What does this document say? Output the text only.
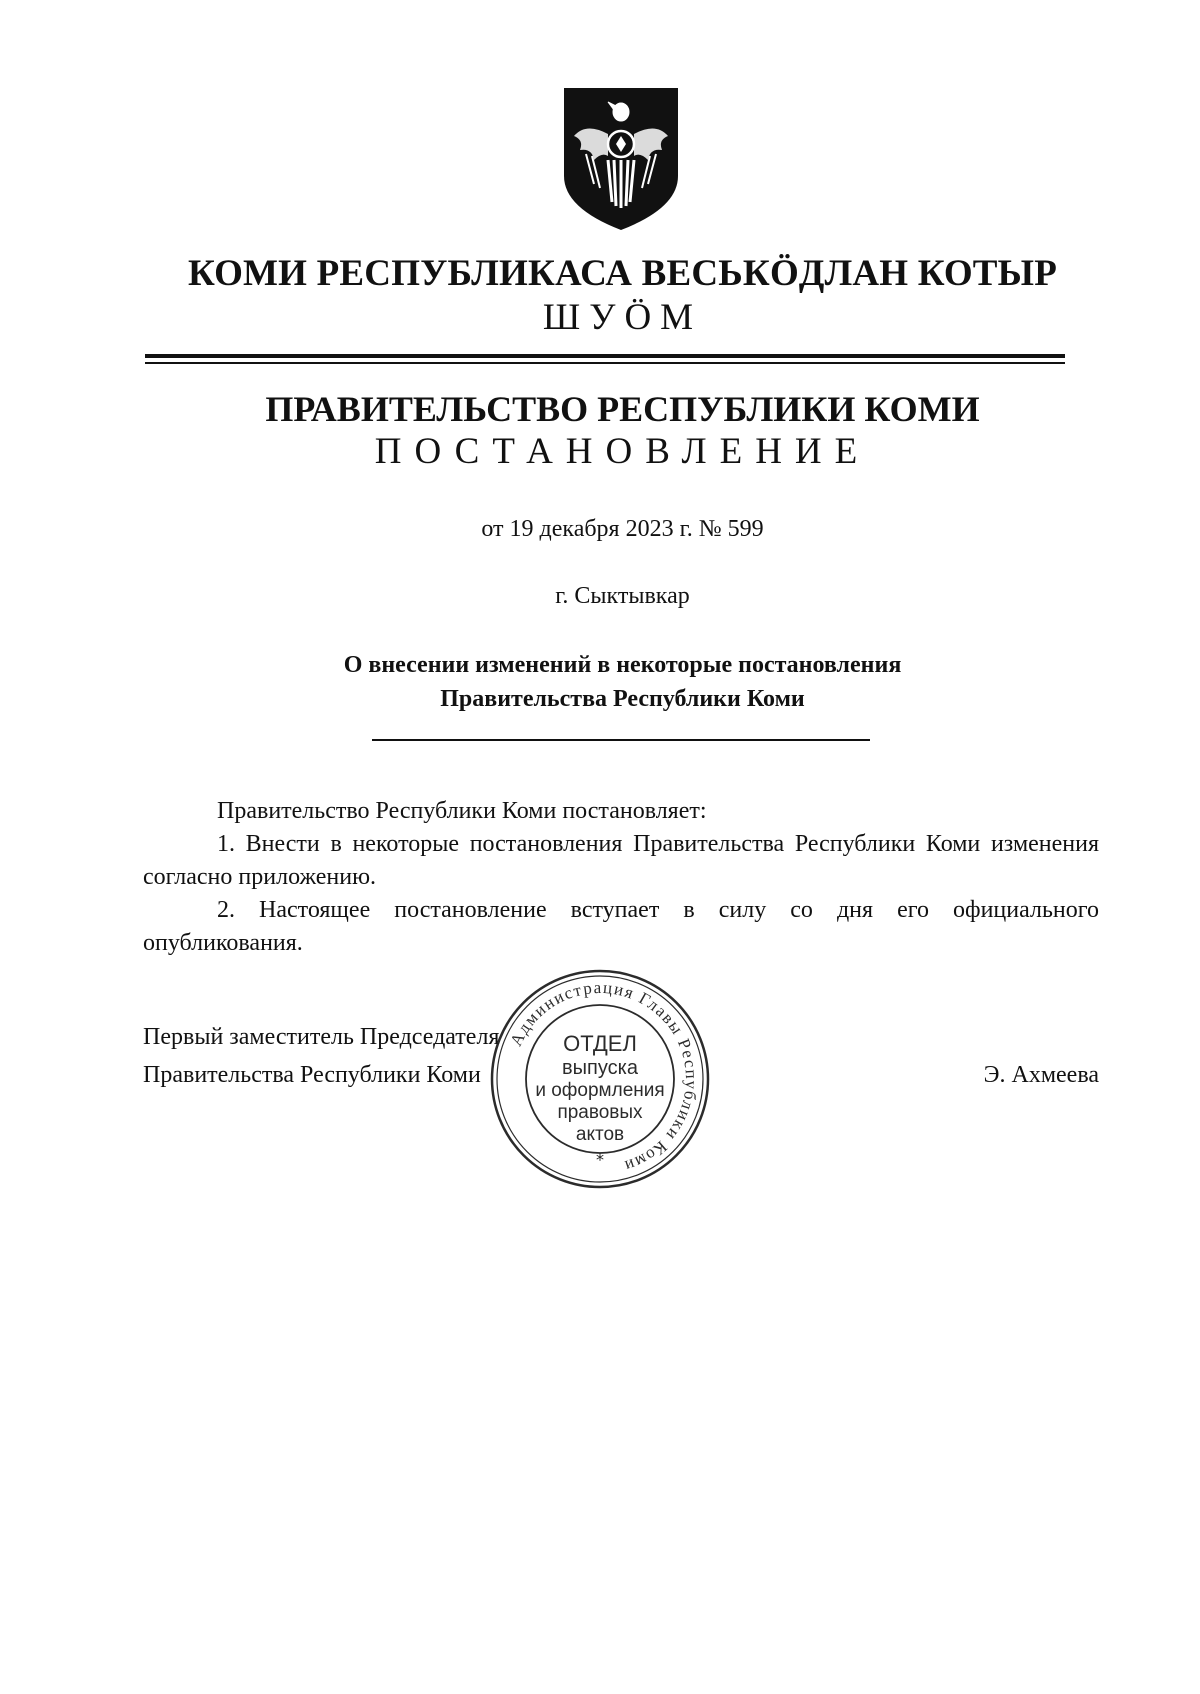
КОМИ РЕСПУБЛИКАСА ВЕСЬКӦДЛАН КОТЫР
ШУӦМ
ПРАВИТЕЛЬСТВО РЕСПУБЛИКИ КОМИ
ПОСТАНОВЛЕНИЕ
от 19 декабря 2023 г. № 599
г. Сыктывкар
О внесении изменений в некоторые постановления
Правительства Республики Коми

Правительство Республики Коми постановляет:

1. Внести в некоторые постановления Правительства Республики Коми изменения согласно приложению.

2. Настоящее постановление вступает в силу со дня его официального опубликования.

Первый заместитель Председателя
Правительства Республики Коми	Э. Ахмеева
Администрация Главы Республики Коми
*
ОТДЕЛ
выпуска
и оформления
правовых
актов
